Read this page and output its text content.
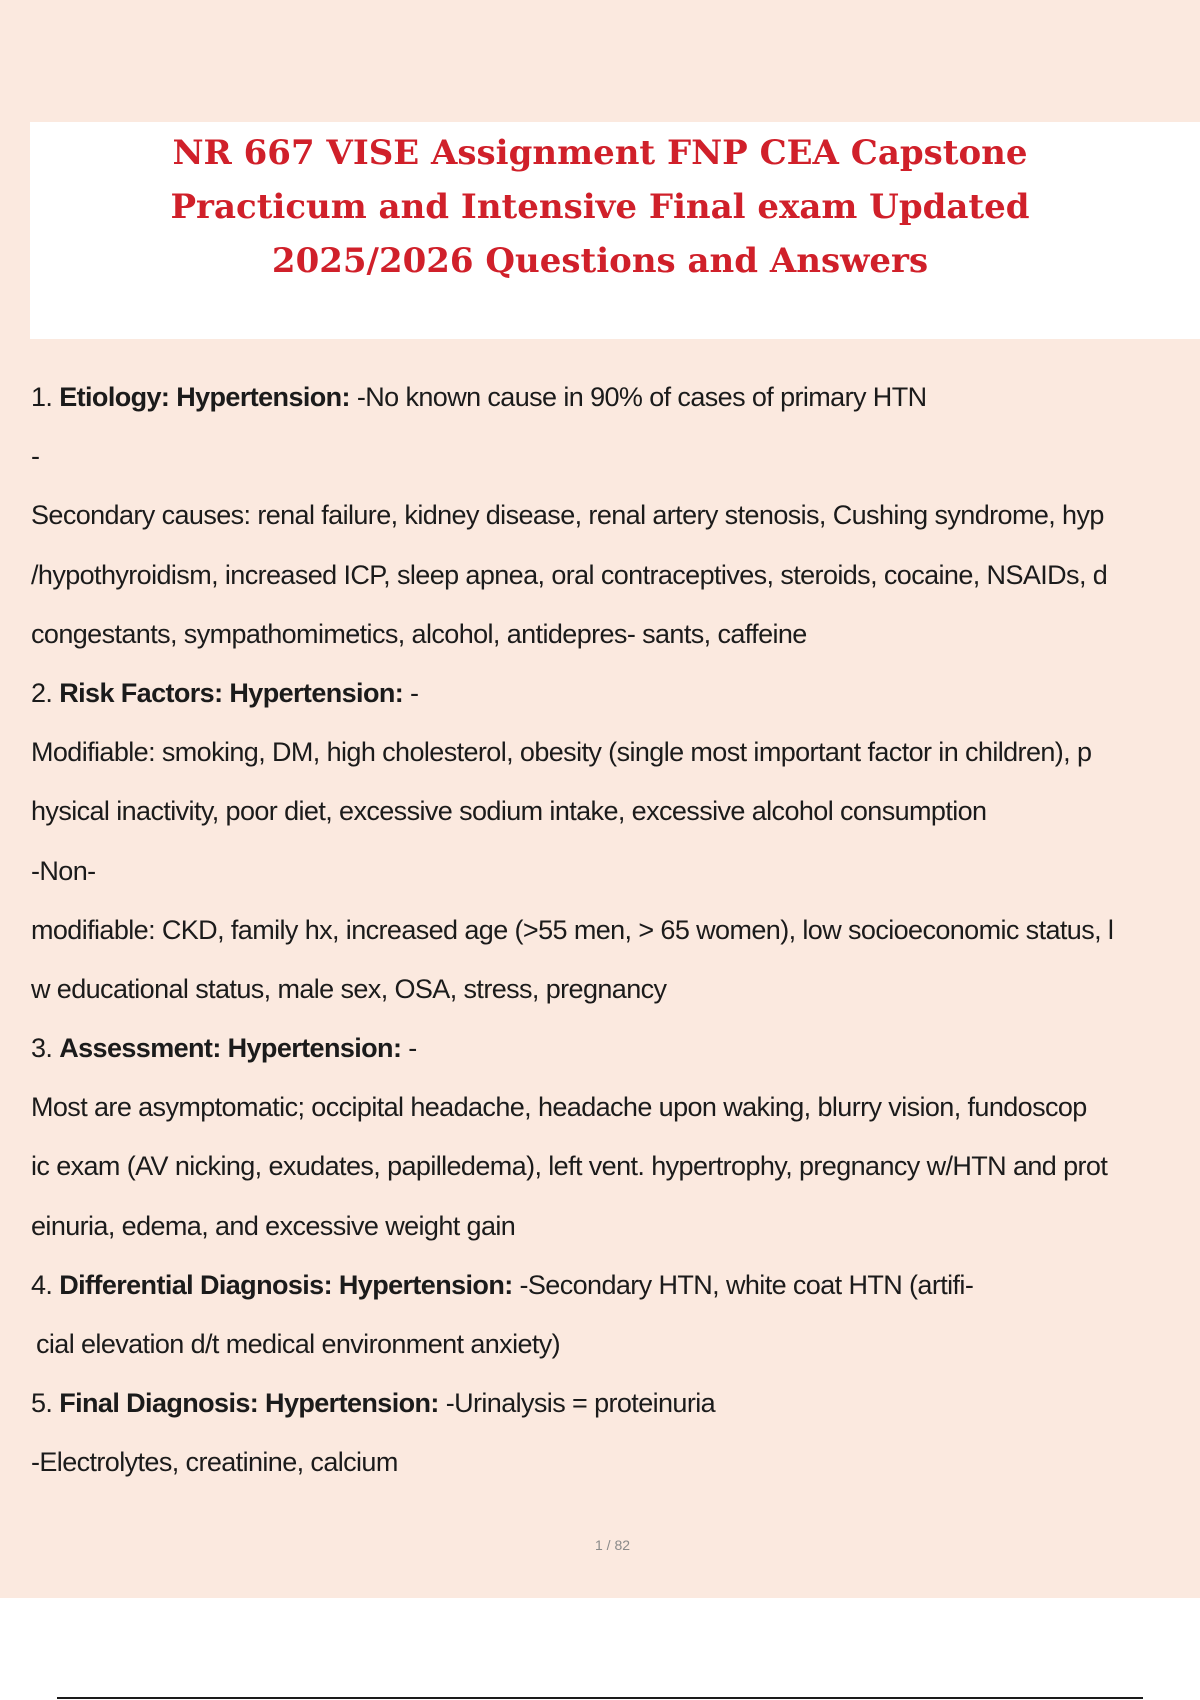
NR 667 VISE Assignment FNP CEA Capstone
Practicum and Intensive Final exam Updated
2025/2026 Questions and Answers
1. Etiology: Hypertension: -No known cause in 90% of cases of primary HTN
-
Secondary causes: renal failure, kidney disease, renal artery stenosis, Cushing syndrome, hyp
/hypothyroidism, increased ICP, sleep apnea, oral contraceptives, steroids, cocaine, NSAIDs, d
congestants, sympathomimetics, alcohol, antidepres- sants, caffeine
2. Risk Factors: Hypertension: -
Modifiable: smoking, DM, high cholesterol, obesity (single most important factor in children), p
hysical inactivity, poor diet, excessive sodium intake, excessive alcohol consumption
-Non-
modifiable: CKD, family hx, increased age (>55 men, > 65 women), low socioeconomic status, l
w educational status, male sex, OSA, stress, pregnancy
3. Assessment: Hypertension: -
Most are asymptomatic; occipital headache, headache upon waking, blurry vision, fundoscop
ic exam (AV nicking, exudates, papilledema), left vent. hypertrophy, pregnancy w/HTN and prot
einuria, edema, and excessive weight gain
4. Differential Diagnosis: Hypertension: -Secondary HTN, white coat HTN (artifi-
cial elevation d/t medical environment anxiety)
5. Final Diagnosis: Hypertension: -Urinalysis = proteinuria
-Electrolytes, creatinine, calcium
1 / 82
